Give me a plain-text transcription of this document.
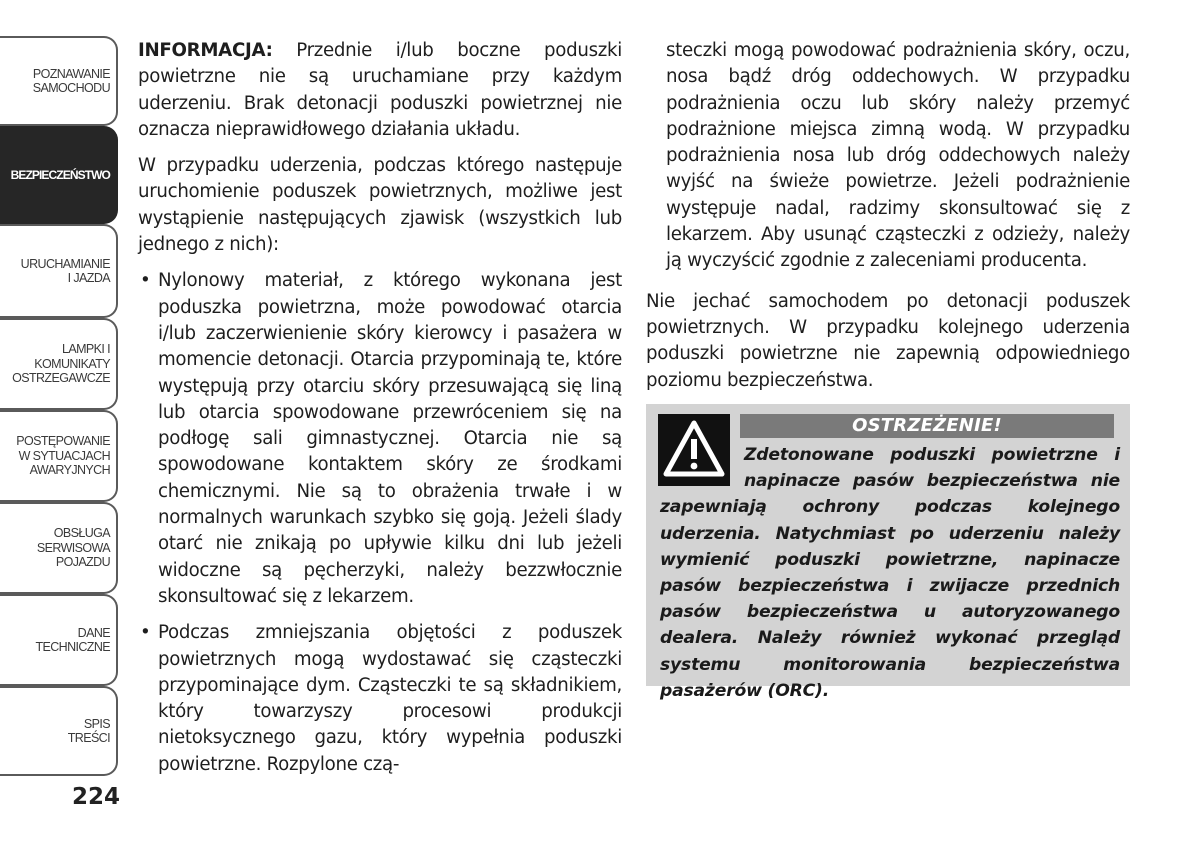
POZNAWANIE
SAMOCHODU
BEZPIECZEŃSTWO
URUCHAMIANIE
I JAZDA
LAMPKI I
KOMUNIKATY
OSTRZEGAWCZE
POSTĘPOWANIE
W SYTUACJACH
AWARYJNYCH
OBSŁUGA
SERWISOWA
POJAZDU
DANE
TECHNICZNE
SPIS
TREŚCI
224

INFORMACJA: Przednie i/lub boczne poduszki powietrzne nie są uruchamiane przy każdym uderzeniu. Brak detonacji poduszki powietrznej nie oznacza nieprawidłowego działania układu.

W przypadku uderzenia, podczas którego następuje uruchomienie poduszek powietrznych, możliwe jest wystąpienie następujących zjawisk (wszystkich lub jednego z nich):

• Nylonowy materiał, z którego wykonana jest poduszka powietrzna, może powodować otarcia i/lub zaczerwienienie skóry kierowcy i pasażera w momencie detonacji. Otarcia przypominają te, które występują przy otarciu skóry przesuwającą się liną lub otarcia spowodowane przewróceniem się na podłogę sali gimnastycznej. Otarcia nie są spowodowane kontaktem skóry ze środkami chemicznymi. Nie są to obrażenia trwałe i w normalnych warunkach szybko się goją. Jeżeli ślady otarć nie znikają po upływie kilku dni lub jeżeli widoczne są pęcherzyki, należy bezzwłocznie skonsultować się z lekarzem.
• Podczas zmniejszania objętości z poduszek powietrznych mogą wydostawać się cząsteczki przypominające dym. Cząsteczki te są składnikiem, który towarzyszy procesowi produkcji nietoksycznego gazu, który wypełnia poduszki powietrzne. Rozpylone czą-

steczki mogą powodować podrażnienia skóry, oczu, nosa bądź dróg oddechowych. W przypadku podrażnienia oczu lub skóry należy przemyć podrażnione miejsca zimną wodą. W przypadku podrażnienia nosa lub dróg oddechowych należy wyjść na świeże powietrze. Jeżeli podrażnienie występuje nadal, radzimy skonsultować się z lekarzem. Aby usunąć cząsteczki z odzieży, należy ją wyczyścić zgodnie z zaleceniami producenta.

Nie jechać samochodem po detonacji poduszek powietrznych. W przypadku kolejnego uderzenia poduszki powietrzne nie zapewnią odpowiedniego poziomu bezpieczeństwa.

OSTRZEŻENIE!
Zdetonowane poduszki powietrzne i napinacze pasów bezpieczeństwa nie zapewniają ochrony podczas kolejnego uderzenia. Natychmiast po uderzeniu należy wymienić poduszki powietrzne, napinacze pasów bezpieczeństwa i zwijacze przednich pasów bezpieczeństwa u autoryzowanego dealera. Należy również wykonać przegląd systemu monitorowania bezpieczeństwa pasażerów (ORC).
